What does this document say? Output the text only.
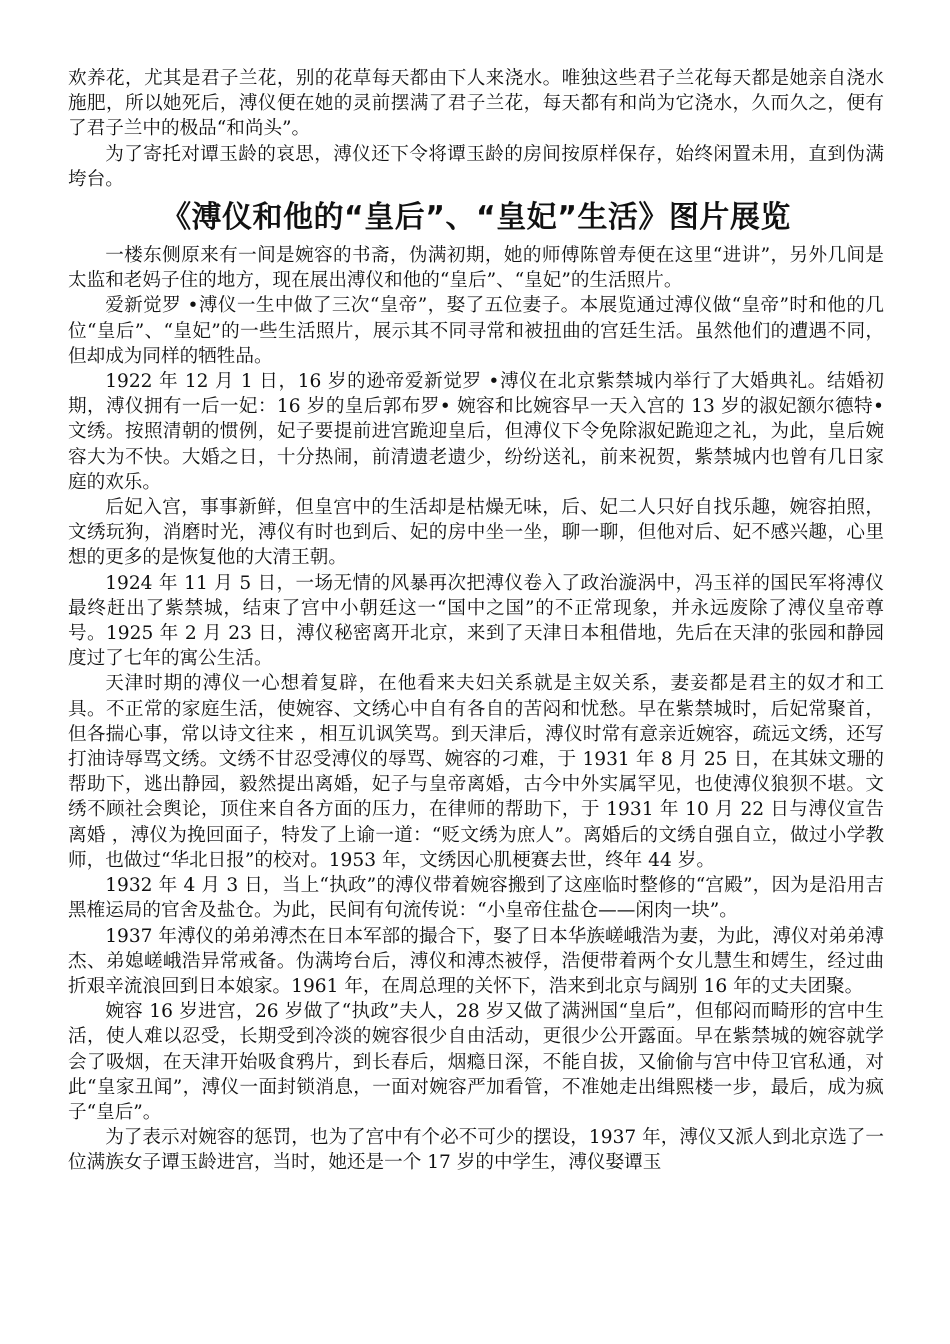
欢养花，尤其是君子兰花，别的花草每天都由下人来浇水。唯独这些君子兰花每天都是她亲自浇水施肥，所以她死后，溥仪便在她的灵前摆满了君子兰花，每天都有和尚为它浇水，久而久之，便有了君子兰中的极品“和尚头”。

为了寄托对谭玉龄的哀思，溥仪还下令将谭玉龄的房间按原样保存，始终闲置未用，直到伪满垮台。

《溥仪和他的“皇后”、“皇妃”生活》图片展览

一楼东侧原来有一间是婉容的书斋，伪满初期，她的师傅陈曾寿便在这里“进讲”，另外几间是太监和老妈子住的地方，现在展出溥仪和他的“皇后”、“皇妃”的生活照片。

爱新觉罗 •溥仪一生中做了三次“皇帝”，娶了五位妻子。本展览通过溥仪做“皇帝”时和他的几位“皇后”、“皇妃”的一些生活照片，展示其不同寻常和被扭曲的宫廷生活。虽然他们的遭遇不同，但却成为同样的牺牲品。

1922 年 12 月 1 日，16 岁的逊帝爱新觉罗 •溥仪在北京紫禁城内举行了大婚典礼。结婚初期，溥仪拥有一后一妃：16 岁的皇后郭布罗• 婉容和比婉容早一天入宫的 13 岁的淑妃额尔德特• 文绣。按照清朝的惯例，妃子要提前进宫跪迎皇后，但溥仪下令免除淑妃跪迎之礼，为此，皇后婉容大为不快。大婚之日，十分热闹，前清遗老遗少，纷纷送礼，前来祝贺，紫禁城内也曾有几日家庭的欢乐。

后妃入宫，事事新鲜，但皇宫中的生活却是枯燥无味，后、妃二人只好自找乐趣，婉容拍照，文绣玩狗，消磨时光，溥仪有时也到后、妃的房中坐一坐，聊一聊，但他对后、妃不感兴趣，心里想的更多的是恢复他的大清王朝。

1924 年 11 月 5 日，一场无情的风暴再次把溥仪卷入了政治漩涡中，冯玉祥的国民军将溥仪最终赶出了紫禁城，结束了宫中小朝廷这一“国中之国”的不正常现象，并永远废除了溥仪皇帝尊号。1925 年 2 月 23 日，溥仪秘密离开北京，来到了天津日本租借地，先后在天津的张园和静园度过了七年的寓公生活。

天津时期的溥仪一心想着复辟，在他看来夫妇关系就是主奴关系，妻妾都是君主的奴才和工具。不正常的家庭生活，使婉容、文绣心中自有各自的苦闷和忧愁。早在紫禁城时，后妃常聚首，但各揣心事，常以诗文往来 ，相互讥讽笑骂。到天津后，溥仪时常有意亲近婉容，疏远文绣，还写打油诗辱骂文绣。文绣不甘忍受溥仪的辱骂、婉容的刁难，于 1931 年 8 月 25 日，在其妹文珊的帮助下，逃出静园，毅然提出离婚，妃子与皇帝离婚，古今中外实属罕见，也使溥仪狼狈不堪。文绣不顾社会舆论，顶住来自各方面的压力，在律师的帮助下，于 1931 年 10 月 22 日与溥仪宣告离婚 ，溥仪为挽回面子，特发了上谕一道：“贬文绣为庶人”。离婚后的文绣自强自立，做过小学教师，也做过“华北日报”的校对。1953 年，文绣因心肌梗赛去世，终年 44 岁。

1932 年 4 月 3 日，当上“执政”的溥仪带着婉容搬到了这座临时整修的“宫殿”，因为是沿用吉黑榷运局的官舍及盐仓。为此，民间有句流传说：“小皇帝住盐仓——闲肉一块”。

1937 年溥仪的弟弟溥杰在日本军部的撮合下，娶了日本华族嵯峨浩为妻，为此，溥仪对弟弟溥杰、弟媳嵯峨浩异常戒备。伪满垮台后，溥仪和溥杰被俘，浩便带着两个女儿慧生和嫮生，经过曲折艰辛流浪回到日本娘家。1961 年，在周总理的关怀下，浩来到北京与阔别 16 年的丈夫团聚。

婉容 16 岁进宫，26 岁做了“执政”夫人，28 岁又做了满洲国“皇后”，但郁闷而畸形的宫中生活，使人难以忍受，长期受到冷淡的婉容很少自由活动，更很少公开露面。早在紫禁城的婉容就学会了吸烟，在天津开始吸食鸦片，到长春后，烟瘾日深，不能自拔，又偷偷与宫中侍卫官私通，对此“皇家丑闻”，溥仪一面封锁消息，一面对婉容严加看管，不准她走出缉熙楼一步，最后，成为疯子“皇后”。

为了表示对婉容的惩罚，也为了宫中有个必不可少的摆设，1937 年，溥仪又派人到北京选了一位满族女子谭玉龄进宫，当时，她还是一个 17 岁的中学生，溥仪娶谭玉
